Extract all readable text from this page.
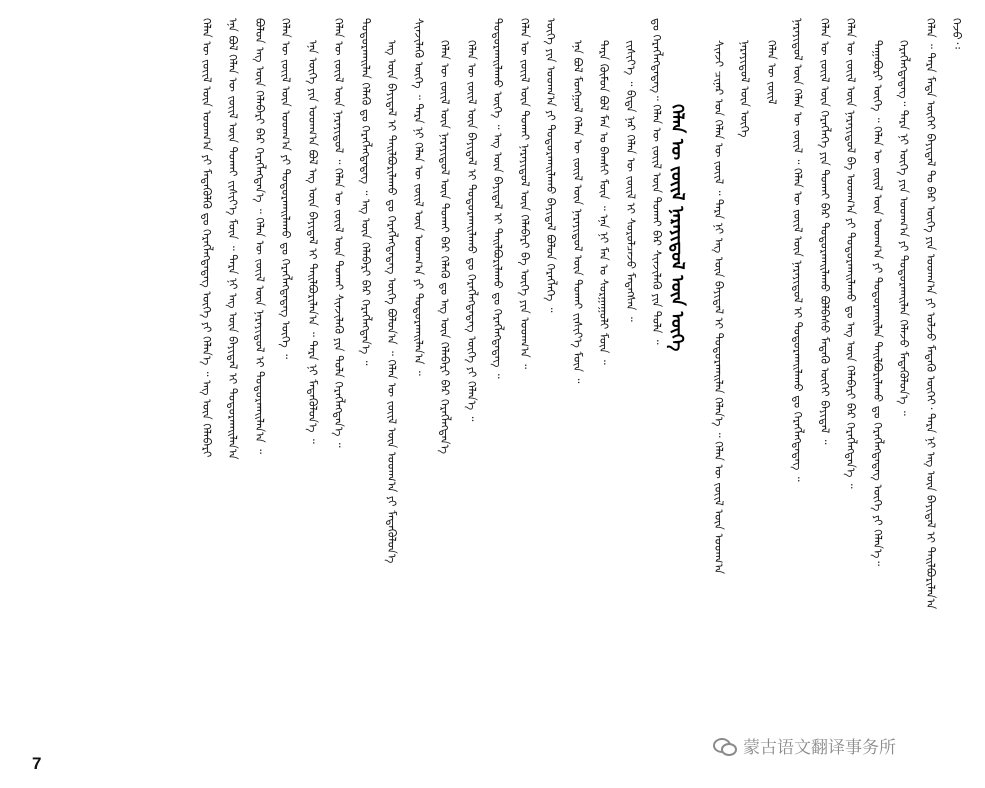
ᠭᠡᠵᠦ᠂᠄
ᠬᠡᠯᠡᠨ ᠃ ᠲᠡᠷᠡ ᠮᠡᠳᠡ ᠦᠭᠡᠢ ᠪᠠᠶᠢᠳᠠᠯ ᠲᠤ ᠪᠠᠷ ᠦᠭᠡ ᠶᠢᠨ ᠤᠳᠬ᠎ᠠ ᠶᠢ ᠣᠯᠵᠤ ᠮᠡᠳᠡᠬᠦ ᠦᠭᠡᠢ᠂ ᠲᠡᠷᠡ ᠨᠢ ᠡᠩ ᠦᠨ ᠪᠠᠶᠢᠳᠠᠯ ᠢ ᠲᠠᠢᠯᠪᠤᠷᠢᠯᠠᠨ᠎ᠠ
ᠬᠡᠷᠡᠭᠯᠡᠭᠳᠡᠳᠡᠭ᠃ ᠲᠡᠷᠡ ᠨᠢ ᠦᠭᠡ ᠶᠢᠨ ᠤᠳᠬ᠎ᠠ ᠶᠢ ᠲᠣᠳᠣᠷᠬᠠᠢᠯᠠᠨ ᠬᠡᠯᠡᠵᠦ ᠮᠡᠳᠡᠭᠦᠯᠦᠨ᠎ᠡ ᠃
ᠳᠠᠭᠠᠪᠤᠷᠢ ᠦᠭᠡ ᠃ ᠬᠡᠯᠡᠨ ᠦ ᠵᠦᠢᠯ ᠦᠨ ᠤᠳᠬ᠎ᠠ ᠶᠢ ᠲᠣᠳᠣᠷᠬᠠᠢᠯᠠᠨ ᠲᠠᠢᠯᠪᠤᠷᠢᠯᠠᠬᠤ ᠳᠤ ᠬᠡᠷᠡᠭᠯᠡᠭᠳᠡᠳᠡᠭ ᠦᠭᠡ ᠶᠢ ᠬᠡᠯᠡᠨ᠎ᠡ᠃
ᠬᠡᠯᠡᠨ ᠦ ᠵᠦᠢᠯ ᠦᠨ ᠨᠡᠷᠡᠶᠢᠳᠦᠯ ᠪᠠ ᠤᠳᠬ᠎ᠠ ᠶᠢ ᠲᠣᠳᠣᠷᠬᠠᠢᠯᠠᠬᠤ ᠳᠤ ᠡᠩ ᠦᠨ ᠬᠡᠯᠡᠪᠡᠷᠢ ᠪᠠᠷ ᠬᠡᠷᠡᠭᠯᠡᠭᠳᠡᠨ᠎ᠡ ᠃
ᠬᠡᠯᠡᠨ ᠦ ᠵᠦᠢᠯ ᠦᠨ ᠬᠡᠷᠡᠭᠯᠡᠭᠡ ᠶᠢᠨ ᠲᠣᠬᠠᠢ ᠪᠠᠷ ᠲᠣᠳᠣᠷᠬᠠᠢᠯᠠᠬᠤ ᠪᠣᠯᠪᠠᠰᠤ ᠮᠡᠳᠡᠬᠦ ᠦᠭᠡᠢ ᠪᠠᠶᠢᠳᠠᠯ ᠃
ᠨᠡᠷᠡᠶᠢᠳᠦᠯ ᠦᠨ ᠬᠡᠯᠡᠨ ᠦ ᠵᠦᠢᠯ ᠃ ᠬᠡᠯᠡᠨ ᠦ ᠵᠦᠢᠯ ᠦᠨ ᠨᠡᠷᠡᠶᠢᠳᠦᠯ ᠢ ᠲᠣᠳᠣᠷᠬᠠᠢᠯᠠᠬᠤ ᠳᠤ ᠬᠡᠷᠡᠭᠯᠡᠭᠳᠡᠳᠡᠭ ᠃
ᠬᠡᠯᠡᠨ ᠦ ᠵᠦᠢᠯ
ᠨᠡᠷᠡᠶᠢᠳᠦᠯ ᠦᠨ ᠦᠭᠡ
ᠰᠢᠨᠵᠢ ᠴᠢᠨᠠᠷ ᠤᠨ ᠬᠡᠯᠡᠨ ᠦ ᠵᠦᠢᠯ ᠃ ᠲᠡᠷᠡ ᠨᠢ ᠡᠩ ᠦᠨ ᠪᠠᠶᠢᠳᠠᠯ ᠢ ᠲᠣᠳᠣᠷᠬᠠᠢᠯᠠᠨ ᠬᠡᠯᠡᠨ᠎ᠡ ᠃ ᠬᠡᠯᠡᠨ ᠦ ᠵᠦᠢᠯ ᠦᠨ ᠤᠳᠬ᠎ᠠ
ᠳᠤ ᠬᠡᠷᠡᠭᠯᠡᠭᠳᠡᠳᠡᠭ᠃ ᠬᠡᠯᠡᠨ ᠦ ᠵᠦᠢᠯ ᠦᠨ ᠲᠣᠬᠠᠢ ᠪᠠᠷ ᠰᠢᠨᠵᠢᠯᠡᠬᠦ ᠶᠢᠨ ᠲᠤᠯᠠ ᠃
ᠵᠢᠱᠢᠶ᠎ᠡ ᠃ ᠪᠢᠳᠡ ᠨᠠᠷ ᠬᠡᠯᠡᠨ ᠦ ᠵᠦᠢᠯ ᠢ ᠰᠤᠷᠤᠯᠴᠠᠵᠤ ᠮᠡᠳᠡᠭᠰᠡᠨ ᠃
ᠲᠡᠷᠡ ᠬᠦᠮᠦᠨ ᠪᠣᠯ ᠮᠠᠨ ᠤ ᠪᠠᠭᠰᠢ ᠮᠥᠨ ᠃ ᠡᠨᠡ ᠨᠢ ᠮᠠᠨ ᠤ ᠰᠤᠷᠭᠠᠭᠤᠯᠢ ᠮᠥᠨ ᠃
ᠡᠨᠡ ᠪᠣᠯ ᠮᠣᠩᠭᠣᠯ ᠬᠡᠯᠡᠨ ᠦ ᠵᠦᠢᠯ ᠦᠨ ᠨᠡᠷᠡᠶᠢᠳᠦᠯ ᠦᠨ ᠲᠣᠬᠠᠢ ᠵᠢᠱᠢᠶ᠎ᠡ ᠮᠥᠨ ᠃
ᠦᠭᠡ ᠶᠢᠨ ᠤᠳᠬ᠎ᠠ ᠶᠢ ᠲᠣᠳᠣᠷᠬᠠᠢᠯᠠᠬᠤ ᠪᠠᠶᠢᠳᠠᠯ ᠪᠣᠯᠤᠨ ᠬᠡᠷᠡᠭᠯᠡᠭᠡ ᠃
ᠬᠡᠯᠡᠨ ᠦ ᠵᠦᠢᠯ ᠦᠨ ᠲᠣᠬᠠᠢ ᠨᠡᠷᠡᠶᠢᠳᠦᠯ ᠦᠨ ᠬᠡᠯᠡᠪᠡᠷᠢ ᠪᠠ ᠦᠭᠡ ᠶᠢᠨ ᠤᠳᠬ᠎ᠠ ᠃
ᠲᠣᠳᠣᠷᠬᠠᠢᠯᠠᠬᠤ ᠦᠭᠡ ᠃ ᠡᠩ ᠦᠨ ᠪᠠᠶᠢᠳᠠᠯ ᠢ ᠲᠠᠢᠯᠪᠤᠷᠢᠯᠠᠬᠤ ᠳᠤ ᠬᠡᠷᠡᠭᠯᠡᠭᠳᠡᠳᠡᠭ ᠃
ᠬᠡᠯᠡᠨ ᠦ ᠵᠦᠢᠯ ᠦᠨ ᠪᠠᠶᠢᠳᠠᠯ ᠢ ᠲᠣᠳᠣᠷᠬᠠᠢᠯᠠᠬᠤ ᠳᠤ ᠬᠡᠷᠡᠭᠯᠡᠭᠳᠡᠳᠡᠭ ᠦᠭᠡ ᠶᠢ ᠬᠡᠯᠡᠨ᠎ᠡ ᠃
ᠬᠡᠯᠡᠨ ᠦ ᠵᠦᠢᠯ ᠦᠨ ᠨᠡᠷᠡᠶᠢᠳᠦᠯ ᠦᠨ ᠲᠣᠬᠠᠢ ᠪᠠᠷ ᠬᠡᠯᠡᠬᠦ ᠳᠤ ᠡᠩ ᠦᠨ ᠬᠡᠯᠡᠪᠡᠷᠢ ᠪᠠᠷ ᠬᠡᠷᠡᠭᠯᠡᠭᠳᠡᠨ᠎ᠡ
ᠰᠢᠨᠵᠢᠯᠡᠬᠦ ᠦᠭᠡ ᠃ ᠲᠡᠷᠡ ᠨᠢ ᠬᠡᠯᠡᠨ ᠦ ᠵᠦᠢᠯ ᠦᠨ ᠤᠳᠬ᠎ᠠ ᠶᠢ ᠲᠣᠳᠣᠷᠬᠠᠢᠯᠠᠨ᠎ᠠ ᠃
ᠡᠩ ᠦᠨ ᠪᠠᠶᠢᠳᠠᠯ ᠢ ᠲᠠᠢᠯᠪᠤᠷᠢᠯᠠᠬᠤ ᠳᠤ ᠬᠡᠷᠡᠭᠯᠡᠭᠳᠡᠳᠡᠭ ᠦᠭᠡ ᠪᠣᠯᠤᠨ᠎ᠠ ᠃ ᠬᠡᠯᠡᠨ ᠦ ᠵᠦᠢᠯ ᠦᠨ ᠤᠳᠬ᠎ᠠ ᠶᠢ ᠮᠡᠳᠡᠭᠦᠯᠦᠨ᠎ᠡ
ᠲᠣᠳᠣᠷᠬᠠᠢᠯᠠᠨ ᠬᠡᠯᠡᠬᠦ ᠳᠤ ᠬᠡᠷᠡᠭᠯᠡᠭᠳᠡᠳᠡᠭ ᠃ ᠡᠩ ᠦᠨ ᠬᠡᠯᠡᠪᠡᠷᠢ ᠪᠠᠷ ᠬᠡᠷᠡᠭᠯᠡᠭᠳᠡᠨ᠎ᠡ ᠃
ᠬᠡᠯᠡᠨ ᠦ ᠵᠦᠢᠯ ᠦᠨ ᠨᠡᠷᠡᠶᠢᠳᠦᠯ ᠃ ᠬᠡᠯᠡᠨ ᠦ ᠵᠦᠢᠯ ᠦᠨ ᠲᠣᠬᠠᠢ ᠰᠢᠨᠵᠢᠯᠡᠬᠦ ᠶᠢᠨ ᠲᠤᠯᠠ ᠬᠡᠷᠡᠭᠯᠡᠭᠳᠡᠨ᠎ᠡ ᠃
ᠡᠨᠡ ᠦᠭᠡ ᠶᠢᠨ ᠤᠳᠬ᠎ᠠ ᠪᠣᠯ ᠡᠩ ᠦᠨ ᠪᠠᠶᠢᠳᠠᠯ ᠢ ᠲᠠᠢᠯᠪᠤᠷᠢᠯᠠᠨ᠎ᠠ ᠃ ᠲᠡᠷᠡ ᠨᠢ ᠮᠡᠳᠡᠭᠦᠯᠦᠨ᠎ᠡ ᠃
ᠬᠡᠯᠡᠨ ᠦ ᠵᠦᠢᠯ ᠦᠨ ᠤᠳᠬ᠎ᠠ ᠶᠢ ᠲᠣᠳᠣᠷᠬᠠᠢᠯᠠᠬᠤ ᠳᠤ ᠬᠡᠷᠡᠭᠯᠡᠭᠳᠡᠳᠡᠭ ᠦᠭᠡ ᠃
ᠪᠣᠯᠤᠨ ᠡᠩ ᠦᠨ ᠬᠡᠯᠡᠪᠡᠷᠢ ᠪᠠᠷ ᠬᠡᠷᠡᠭᠯᠡᠭᠳᠡᠨ᠎ᠡ ᠃ ᠬᠡᠯᠡᠨ ᠦ ᠵᠦᠢᠯ ᠦᠨ ᠨᠡᠷᠡᠶᠢᠳᠦᠯ ᠢ ᠲᠣᠳᠣᠷᠬᠠᠢᠯᠠᠨ᠎ᠠ ᠃
ᠡᠨᠡ ᠪᠣᠯ ᠬᠡᠯᠡᠨ ᠦ ᠵᠦᠢᠯ ᠦᠨ ᠲᠣᠬᠠᠢ ᠵᠢᠱᠢᠶ᠎ᠡ ᠮᠥᠨ ᠃ ᠲᠡᠷᠡ ᠨᠢ ᠡᠩ ᠦᠨ ᠪᠠᠶᠢᠳᠠᠯ ᠢ ᠲᠣᠳᠣᠷᠬᠠᠢᠯᠠᠨ᠎ᠠ
ᠬᠡᠯᠡᠨ ᠦ ᠵᠦᠢᠯ ᠦᠨ ᠤᠳᠬ᠎ᠠ ᠶᠢ ᠮᠡᠳᠡᠭᠦᠯᠬᠦ ᠳᠤ ᠬᠡᠷᠡᠭᠯᠡᠭᠳᠡᠳᠡᠭ ᠦᠭᠡ ᠶᠢ ᠬᠡᠯᠡᠨ᠎ᠡ ᠃ ᠡᠩ ᠦᠨ ᠬᠡᠯᠡᠪᠡᠷᠢ	ᠬᠡᠯᠡᠨ ᠦ ᠵᠦᠢᠯ ᠨᠡᠷᠡᠶᠢᠳᠦᠯ ᠦᠨ ᠦᠭᠡ
7
蒙古语文翻译事务所
